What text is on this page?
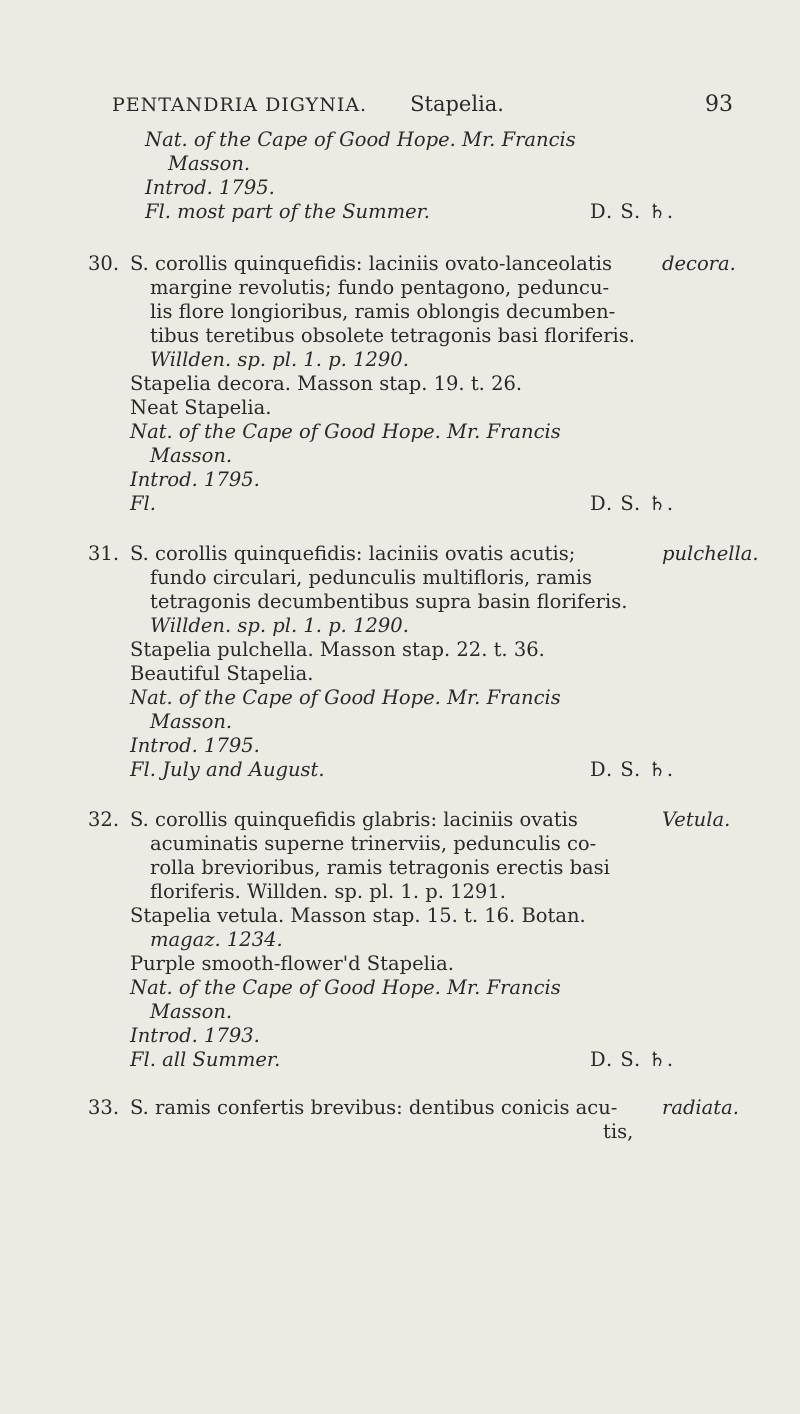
PENTANDRIA DIGYNIA. Stapelia.	93
Nat. of the Cape of Good Hope. Mr. Francis
Masson.
Introd. 1795.
Fl. most part of the Summer.	D. S. ♄.
30.	decora.
S. corollis quinquefidis: laciniis ovato-lanceolatis
margine revolutis; fundo pentagono, peduncu-
lis flore longioribus, ramis oblongis decumben-
tibus teretibus obsolete tetragonis basi floriferis.
Willden. sp. pl. 1. p. 1290.
Stapelia decora. Masson stap. 19. t. 26.
Neat Stapelia.
Nat. of the Cape of Good Hope. Mr. Francis
Masson.
Introd. 1795.
Fl.	D. S. ♄.
31.	pulchella.
S. corollis quinquefidis: laciniis ovatis acutis;
fundo circulari, pedunculis multifloris, ramis
tetragonis decumbentibus supra basin floriferis.
Willden. sp. pl. 1. p. 1290.
Stapelia pulchella. Masson stap. 22. t. 36.
Beautiful Stapelia.
Nat. of the Cape of Good Hope. Mr. Francis
Masson.
Introd. 1795.
Fl. July and August.	D. S. ♄.
32.	Vetula.
S. corollis quinquefidis glabris: laciniis ovatis
acuminatis superne trinerviis, pedunculis co-
rolla brevioribus, ramis tetragonis erectis basi
floriferis. Willden. sp. pl. 1. p. 1291.
Stapelia vetula. Masson stap. 15. t. 16. Botan.
magaz. 1234.
Purple smooth-flower'd Stapelia.
Nat. of the Cape of Good Hope. Mr. Francis
Masson.
Introd. 1793.
Fl. all Summer.	D. S. ♄.
33.	radiata.
S. ramis confertis brevibus: dentibus conicis acu-
tis,
